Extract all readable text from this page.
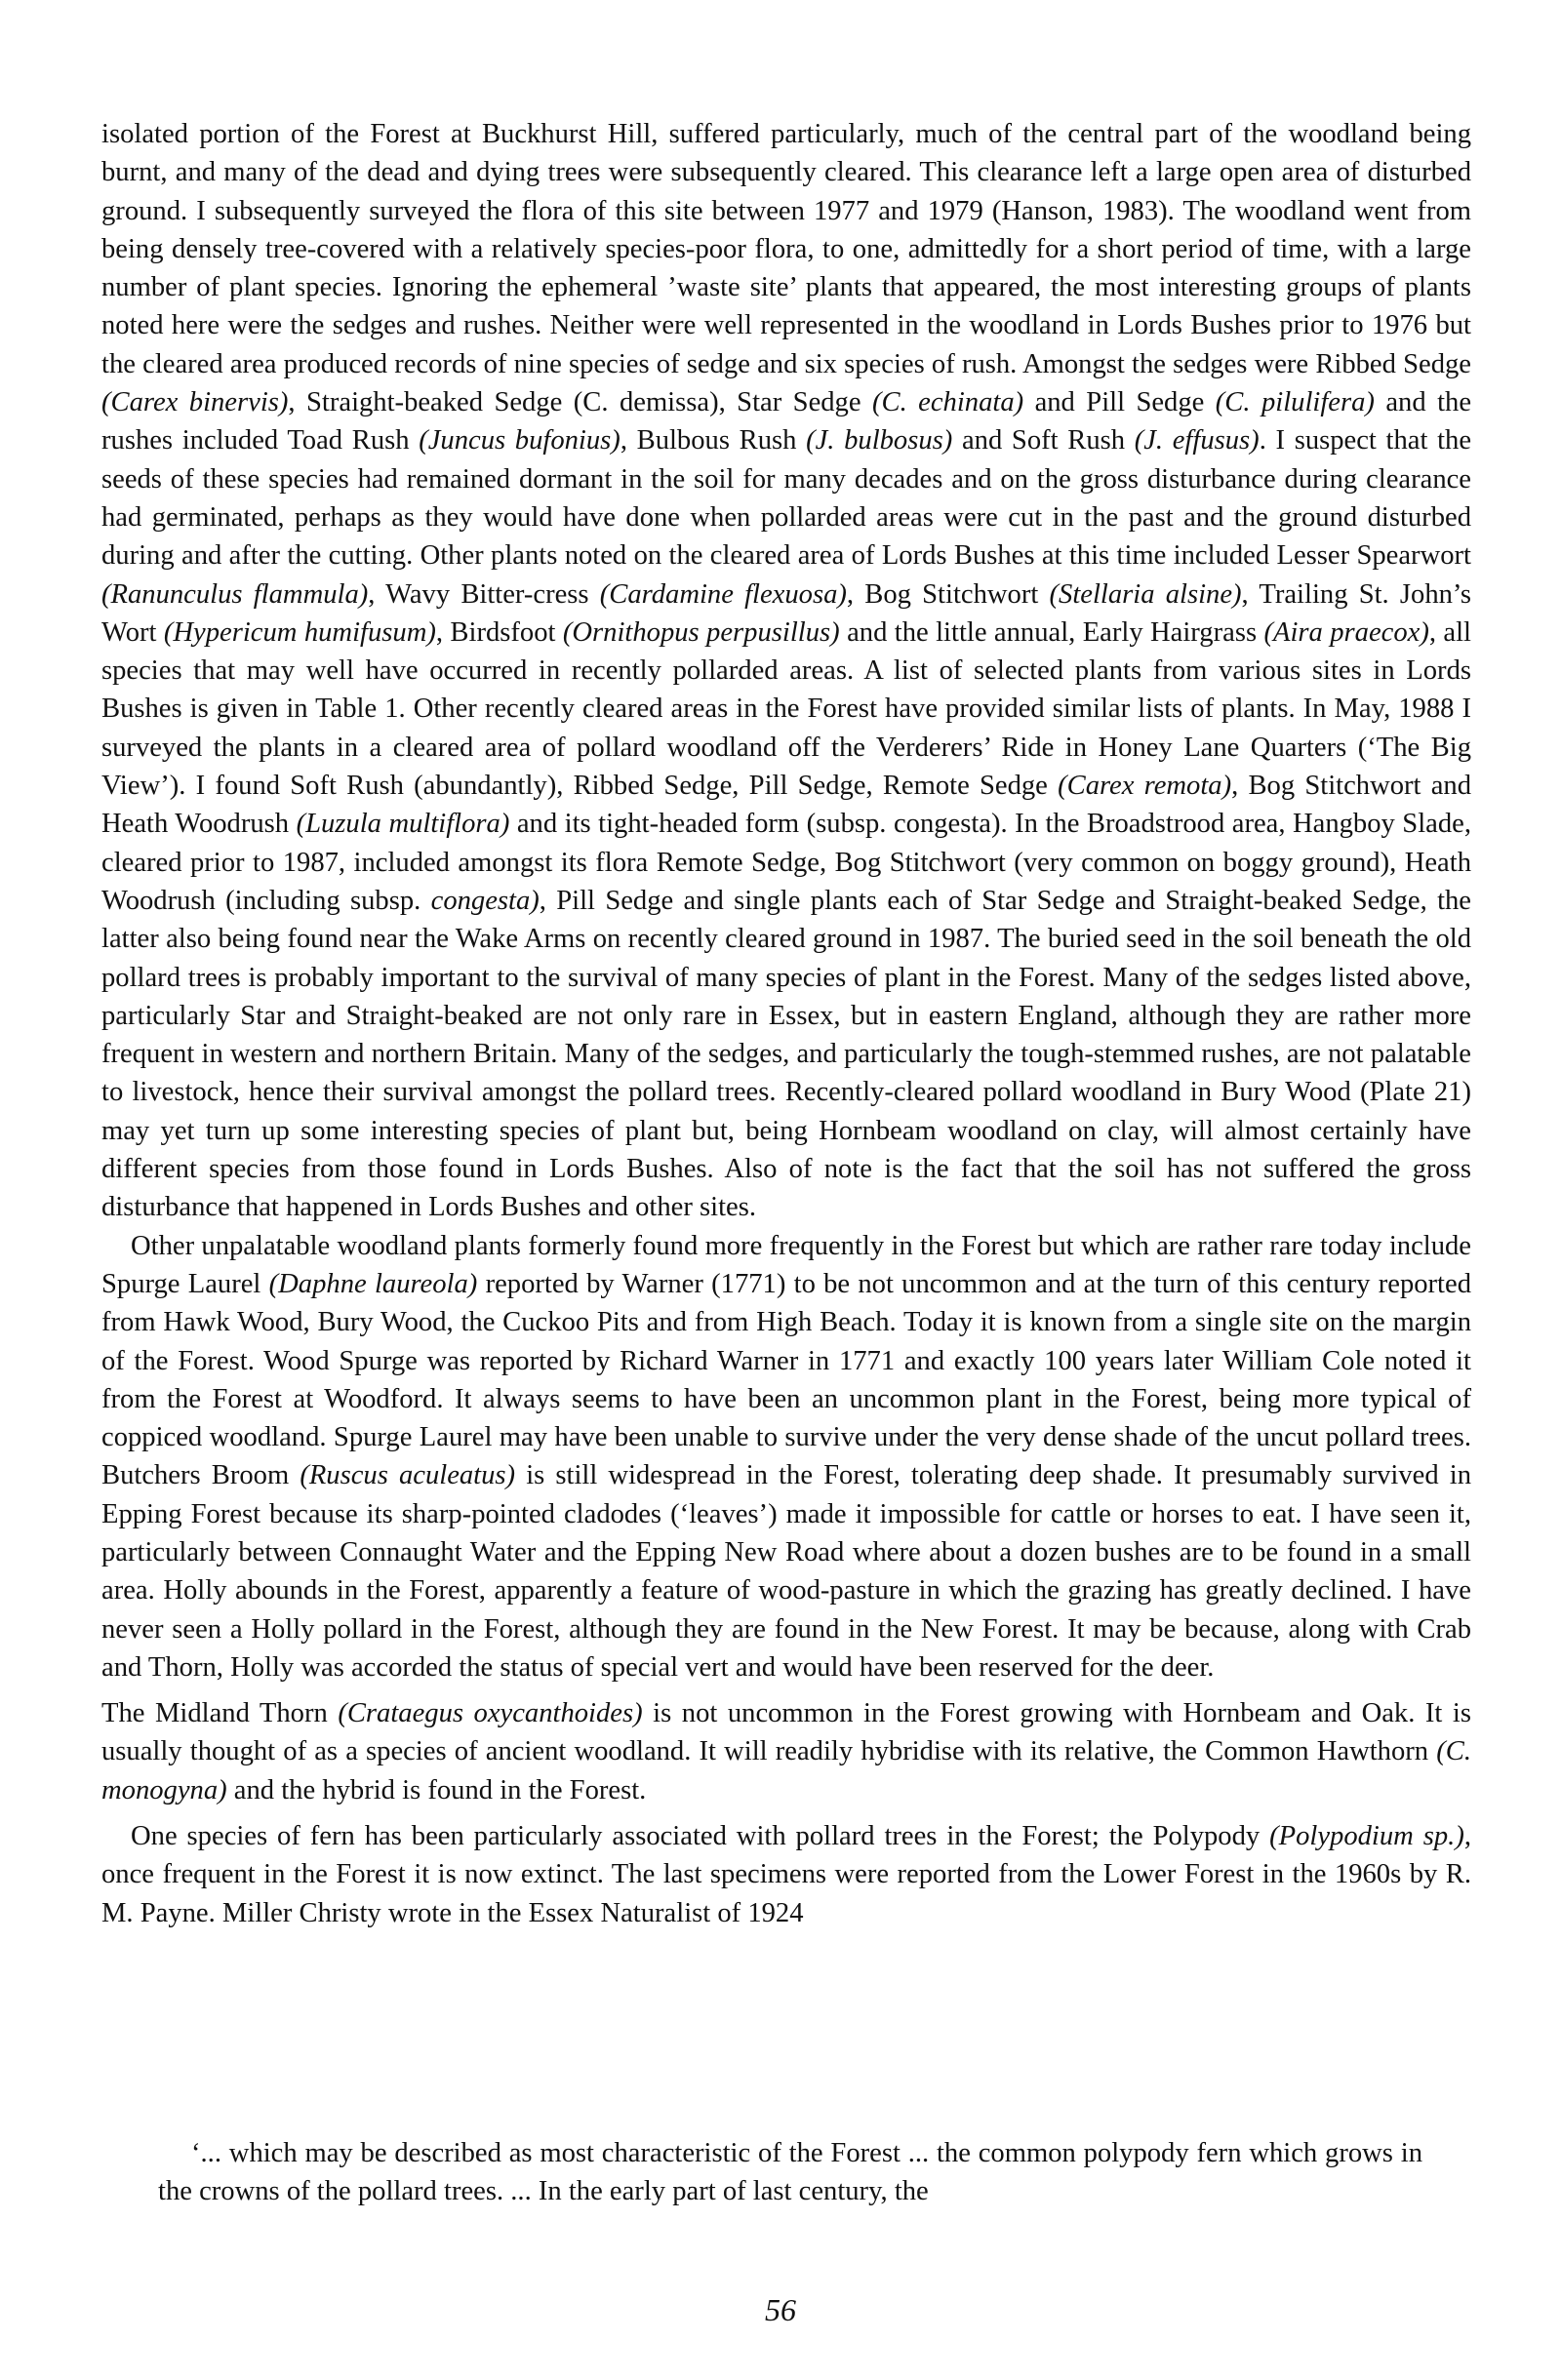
isolated portion of the Forest at Buckhurst Hill, suffered particularly, much of the central part of the woodland being burnt, and many of the dead and dying trees were subsequently cleared. This clearance left a large open area of disturbed ground. I subsequently surveyed the flora of this site between 1977 and 1979 (Hanson, 1983). The woodland went from being densely tree-covered with a relatively species-poor flora, to one, admittedly for a short period of time, with a large number of plant species. Ignoring the ephemeral ’waste site’ plants that appeared, the most interesting groups of plants noted here were the sedges and rushes. Neither were well represented in the woodland in Lords Bushes prior to 1976 but the cleared area produced records of nine species of sedge and six species of rush. Amongst the sedges were Ribbed Sedge (Carex binervis), Straight-beaked Sedge (C. demissa), Star Sedge (C. echinata) and Pill Sedge (C. pilulifera) and the rushes included Toad Rush (Juncus bufonius), Bulbous Rush (J. bulbosus) and Soft Rush (J. effusus). I suspect that the seeds of these species had remained dormant in the soil for many decades and on the gross disturbance during clearance had germinated, perhaps as they would have done when pollarded areas were cut in the past and the ground disturbed during and after the cutting. Other plants noted on the cleared area of Lords Bushes at this time included Lesser Spearwort (Ranunculus flammula), Wavy Bitter-cress (Cardamine flexuosa), Bog Stitchwort (Stellaria alsine), Trailing St. John’s Wort (Hypericum humifusum), Birdsfoot (Ornithopus perpusillus) and the little annual, Early Hairgrass (Aira praecox), all species that may well have occurred in recently pollarded areas. A list of selected plants from various sites in Lords Bushes is given in Table 1. Other recently cleared areas in the Forest have provided similar lists of plants. In May, 1988 I surveyed the plants in a cleared area of pollard woodland off the Verderers’ Ride in Honey Lane Quarters (‘The Big View’). I found Soft Rush (abundantly), Ribbed Sedge, Pill Sedge, Remote Sedge (Carex remota), Bog Stitchwort and Heath Woodrush (Luzula multiflora) and its tight-headed form (subsp. congesta). In the Broadstrood area, Hangboy Slade, cleared prior to 1987, included amongst its flora Remote Sedge, Bog Stitchwort (very common on boggy ground), Heath Woodrush (including subsp. congesta), Pill Sedge and single plants each of Star Sedge and Straight-beaked Sedge, the latter also being found near the Wake Arms on recently cleared ground in 1987. The buried seed in the soil beneath the old pollard trees is probably important to the survival of many species of plant in the Forest. Many of the sedges listed above, particularly Star and Straight-beaked are not only rare in Essex, but in eastern England, although they are rather more frequent in western and northern Britain. Many of the sedges, and particularly the tough-stemmed rushes, are not palatable to livestock, hence their survival amongst the pollard trees. Recently-cleared pollard woodland in Bury Wood (Plate 21) may yet turn up some interesting species of plant but, being Hornbeam woodland on clay, will almost certainly have different species from those found in Lords Bushes. Also of note is the fact that the soil has not suffered the gross disturbance that happened in Lords Bushes and other sites.

Other unpalatable woodland plants formerly found more frequently in the Forest but which are rather rare today include Spurge Laurel (Daphne laureola) reported by Warner (1771) to be not uncommon and at the turn of this century reported from Hawk Wood, Bury Wood, the Cuckoo Pits and from High Beach. Today it is known from a single site on the margin of the Forest. Wood Spurge was reported by Richard Warner in 1771 and exactly 100 years later William Cole noted it from the Forest at Woodford. It always seems to have been an uncommon plant in the Forest, being more typical of coppiced woodland. Spurge Laurel may have been unable to survive under the very dense shade of the uncut pollard trees. Butchers Broom (Ruscus aculeatus) is still widespread in the Forest, tolerating deep shade. It presumably survived in Epping Forest because its sharp-pointed cladodes (‘leaves’) made it impossible for cattle or horses to eat. I have seen it, particularly between Connaught Water and the Epping New Road where about a dozen bushes are to be found in a small area. Holly abounds in the Forest, apparently a feature of wood-pasture in which the grazing has greatly declined. I have never seen a Holly pollard in the Forest, although they are found in the New Forest. It may be because, along with Crab and Thorn, Holly was accorded the status of special vert and would have been reserved for the deer.

The Midland Thorn (Crataegus oxycanthoides) is not uncommon in the Forest growing with Hornbeam and Oak. It is usually thought of as a species of ancient woodland. It will readily hybridise with its relative, the Common Hawthorn (C. monogyna) and the hybrid is found in the Forest.

One species of fern has been particularly associated with pollard trees in the Forest; the Polypody (Polypodium sp.), once frequent in the Forest it is now extinct. The last specimens were reported from the Lower Forest in the 1960s by R. M. Payne. Miller Christy wrote in the Essex Naturalist of 1924

‘... which may be described as most characteristic of the Forest ... the common polypody fern which grows in the crowns of the pollard trees. ... In the early part of last century, the

56
